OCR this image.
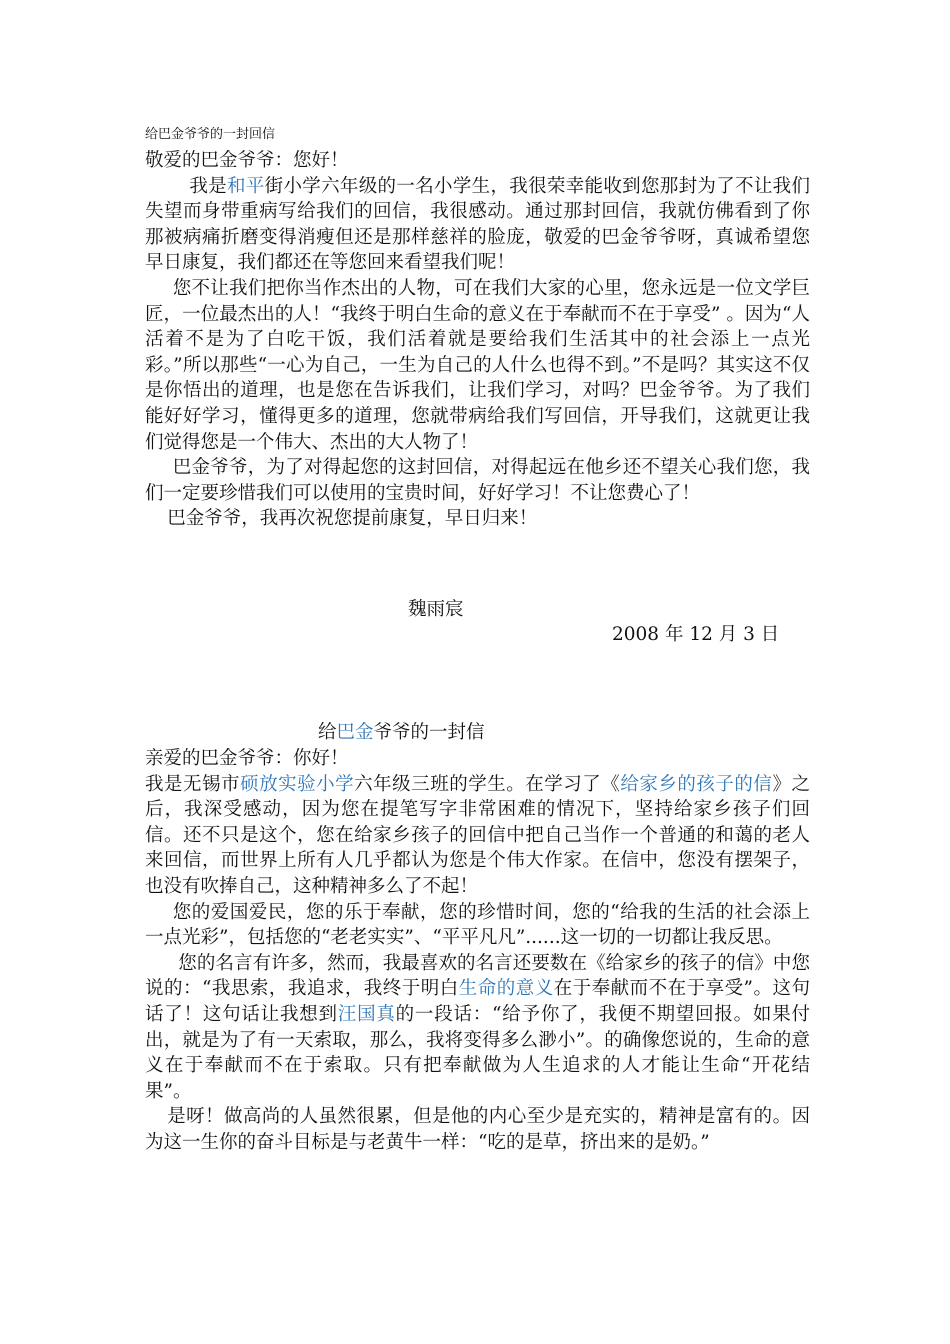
给巴金爷爷的一封回信

敬爱的巴金爷爷：您好！

我是和平街小学六年级的一名小学生，我很荣幸能收到您那封为了不让我们失望而身带重病写给我们的回信，我很感动。通过那封回信，我就仿佛看到了你那被病痛折磨变得消瘦但还是那样慈祥的脸庞，敬爱的巴金爷爷呀，真诚希望您早日康复，我们都还在等您回来看望我们呢！

您不让我们把你当作杰出的人物，可在我们大家的心里，您永远是一位文学巨匠，一位最杰出的人！“我终于明白生命的意义在于奉献而不在于享受” 。因为“人活着不是为了白吃干饭，我们活着就是要给我们生活其中的社会添上一点光彩。”所以那些“一心为自己，一生为自己的人什么也得不到。”不是吗？其实这不仅是你悟出的道理，也是您在告诉我们，让我们学习，对吗？巴金爷爷。为了我们能好好学习，懂得更多的道理，您就带病给我们写回信，开导我们，这就更让我们觉得您是一个伟大、杰出的大人物了！

巴金爷爷，为了对得起您的这封回信，对得起远在他乡还不望关心我们您，我们一定要珍惜我们可以使用的宝贵时间，好好学习！不让您费心了！

巴金爷爷，我再次祝您提前康复，早日归来！

魏雨宸
2008 年 12 月 3 日
给巴金爷爷的一封信

亲爱的巴金爷爷：你好！

我是无锡市硕放实验小学六年级三班的学生。在学习了《给家乡的孩子的信》之后，我深受感动，因为您在提笔写字非常困难的情况下，坚持给家乡孩子们回信。还不只是这个，您在给家乡孩子的回信中把自己当作一个普通的和蔼的老人来回信，而世界上所有人几乎都认为您是个伟大作家。在信中，您没有摆架子，也没有吹捧自己，这种精神多么了不起！

您的爱国爱民，您的乐于奉献，您的珍惜时间，您的“给我的生活的社会添上一点光彩”，包括您的“老老实实”、“平平凡凡”......这一切的一切都让我反思。

您的名言有许多，然而，我最喜欢的名言还要数在《给家乡的孩子的信》中您说的：“我思索，我追求，我终于明白生命的意义在于奉献而不在于享受”。这句话了！这句话让我想到汪国真的一段话：“给予你了，我便不期望回报。如果付出，就是为了有一天索取，那么，我将变得多么渺小”。的确像您说的，生命的意义在于奉献而不在于索取。只有把奉献做为人生追求的人才能让生命“开花结果”。

是呀！做高尚的人虽然很累，但是他的内心至少是充实的，精神是富有的。因为这一生你的奋斗目标是与老黄牛一样：“吃的是草，挤出来的是奶。”
